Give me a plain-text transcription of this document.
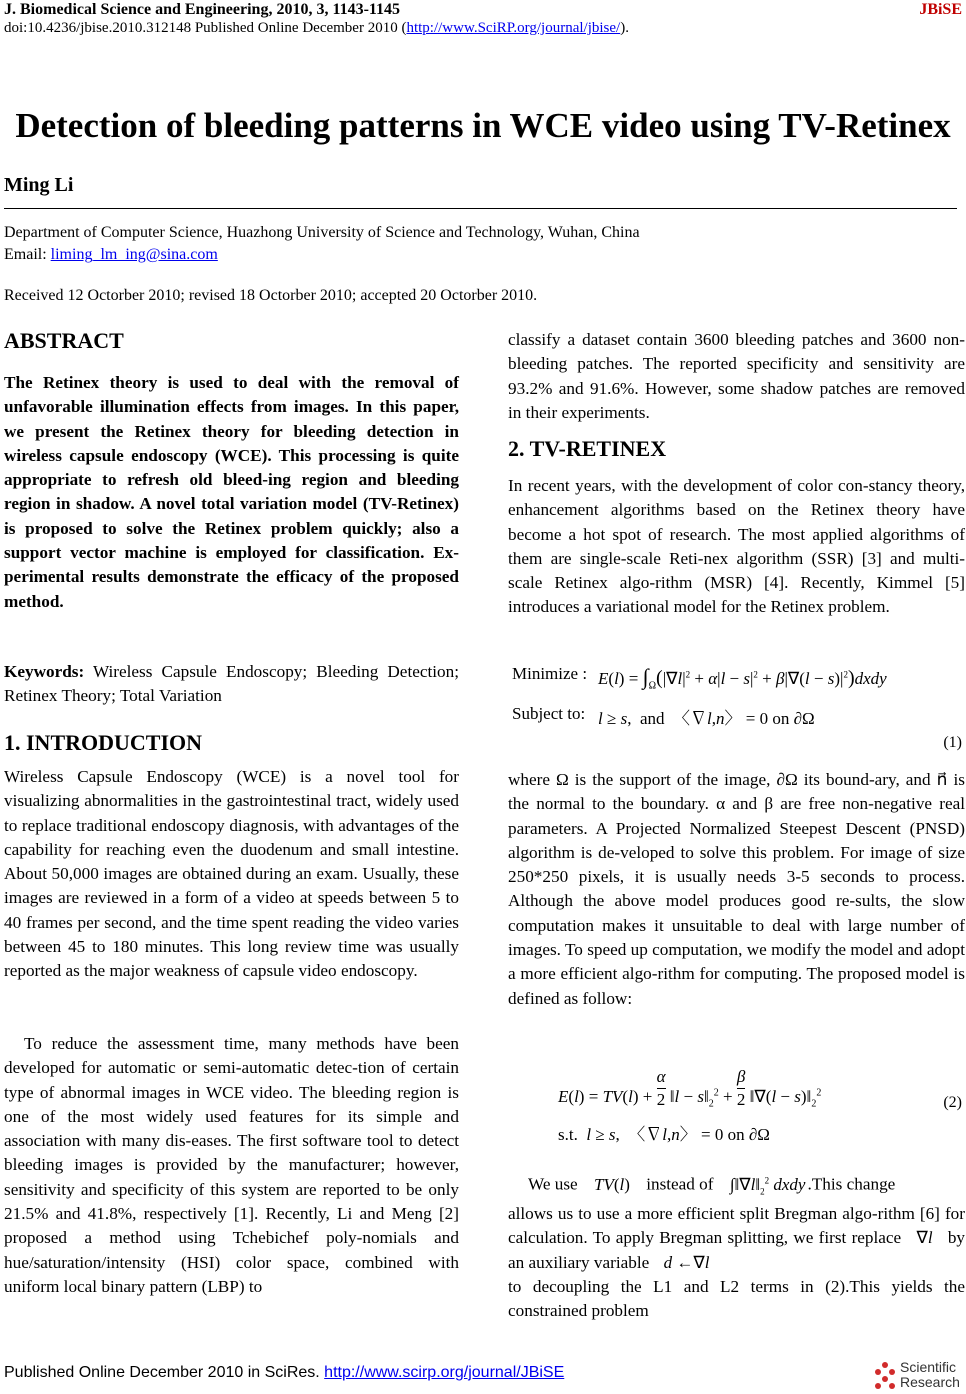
J. Biomedical Science and Engineering, 2010, 3, 1143-1145	JBiSE
doi:10.4236/jbise.2010.312148 Published Online December 2010 (http://www.SciRP.org/journal/jbise/).
Detection of bleeding patterns in WCE video using TV-Retinex
Ming Li
Department of Computer Science, Huazhong University of Science and Technology, Wuhan, China
Email: liming_lm_ing@sina.com
Received 12 Octorber 2010; revised 18 Octorber 2010; accepted 20 Octorber 2010.
ABSTRACT
The Retinex theory is used to deal with the removal of unfavorable illumination effects from images. In this paper, we present the Retinex theory for bleeding detection in wireless capsule endoscopy (WCE). This processing is quite appropriate to refresh old bleed-ing region and bleeding region in shadow. A novel total variation model (TV-Retinex) is proposed to solve the Retinex problem quickly; also a support vector machine is employed for classification. Ex-perimental results demonstrate the efficacy of the proposed method.
Keywords: Wireless Capsule Endoscopy; Bleeding Detection; Retinex Theory; Total Variation
1. INTRODUCTION
Wireless Capsule Endoscopy (WCE) is a novel tool for visualizing abnormalities in the gastrointestinal tract, widely used to replace traditional endoscopy diagnosis, with advantages of the capability for reaching even the duodenum and small intestine. About 50,000 images are obtained during an exam. Usually, these images are reviewed in a form of a video at speeds between 5 to 40 frames per second, and the time spent reading the video varies between 45 to 180 minutes. This long review time was usually reported as the major weakness of capsule video endoscopy.
To reduce the assessment time, many methods have been developed for automatic or semi-automatic detec-tion of certain type of abnormal images in WCE video. The bleeding region is one of the most widely used features for its simple and association with many dis-eases. The first software tool to detect bleeding images is provided by the manufacturer; however, sensitivity and specificity of this system are reported to be only 21.5% and 41.8%, respectively [1]. Recently, Li and Meng [2] proposed a method using Tchebichef poly-nomials and hue/saturation/intensity (HSI) color space, combined with uniform local binary pattern (LBP) to
classify a dataset contain 3600 bleeding patches and 3600 non-bleeding patches. The reported specificity and sensitivity are 93.2% and 91.6%. However, some shadow patches are removed in their experiments.
2. TV-RETINEX
In recent years, with the development of color con-stancy theory, enhancement algorithms based on the Retinex theory have become a hot spot of research. The most applied algorithms of them are single-scale Reti-nex algorithm (SSR) [3] and multi-scale Retinex algo-rithm (MSR) [4]. Recently, Kimmel [5] introduces a variational model for the Retinex problem.
Minimize : $E(l) = \int_\Omega(|\nabla l|^2 + \alpha|l - s|^2 + \beta|\nabla(l$ − $s)|^2)dxdy$
Subject to: l ≥ s,  and  〈∇l,n〉 = 0 on ∂Ω
(1)
where Ω is the support of the image, ∂Ω its bound-ary, and n⃗ is the normal to the boundary. α and β are free non-negative real parameters. A Projected Normalized Steepest Descent (PNSD) algorithm is de-veloped to solve this problem. For image of size 250*250 pixels, it is usually needs 3-5 seconds to process. Although the above model produces good re-sults, the slow computation makes it unsuitable to deal with large number of images. To speed up computation, we modify the model and adopt a more efficient algo-rithm for computing. The proposed model is defined as follow:
$E(l) = TV(l) + \frac{\alpha}{2}$ ‖l − $s‖_2^2 + \frac{\beta}{2}$ ‖∇(l − $s)‖_2^2$
s.t.  l ≥ s,  〈∇l,n〉 = 0 on ∂Ω
(2)
We use TV(l) instead of $\int‖\nabla l‖_2^2$ dxdy .This change
allows us to use a more efficient split Bregman algo-rithm [6] for calculation. To apply Bregman splitting, we first replace ∇l by an auxiliary variable d ←∇l
to decoupling the L1 and L2 terms in (2).This yields the constrained problem
Published Online December 2010 in SciRes. http://www.scirp.org/journal/JBiSE	Scientific
Research
